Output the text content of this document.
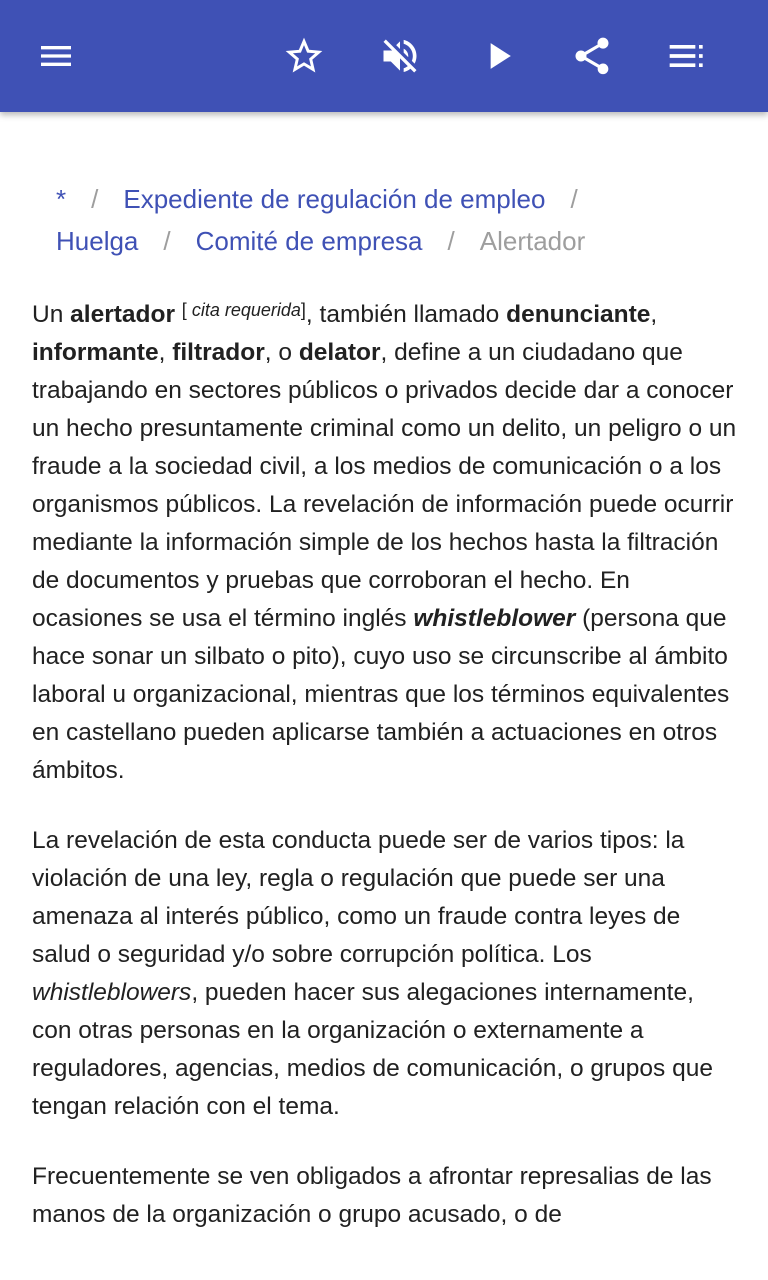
* / Expediente de regulación de empleo /
Huelga / Comité de empresa / Alertador

Un alertador [ cita requerida], también llamado denunciante, informante, filtrador, o delator, define a un ciudadano que trabajando en sectores públicos o privados decide dar a conocer un hecho presuntamente criminal como un delito, un peligro o un fraude a la sociedad civil, a los medios de comunicación o a los organismos públicos. La revelación de información puede ocurrir mediante la información simple de los hechos hasta la filtración de documentos y pruebas que corroboran el hecho. En ocasiones se usa el término inglés whistleblower (persona que hace sonar un silbato o pito), cuyo uso se circunscribe al ámbito laboral u organizacional, mientras que los términos equivalentes en castellano pueden aplicarse también a actuaciones en otros ámbitos.

La revelación de esta conducta puede ser de varios tipos: la violación de una ley, regla o regulación que puede ser una amenaza al interés público, como un fraude contra leyes de salud o seguridad y/o sobre corrupción política. Los whistleblowers, pueden hacer sus alegaciones internamente, con otras personas en la organización o externamente a reguladores, agencias, medios de comunicación, o grupos que tengan relación con el tema.

Frecuentemente se ven obligados a afrontar represalias de las manos de la organización o grupo acusado, o de
